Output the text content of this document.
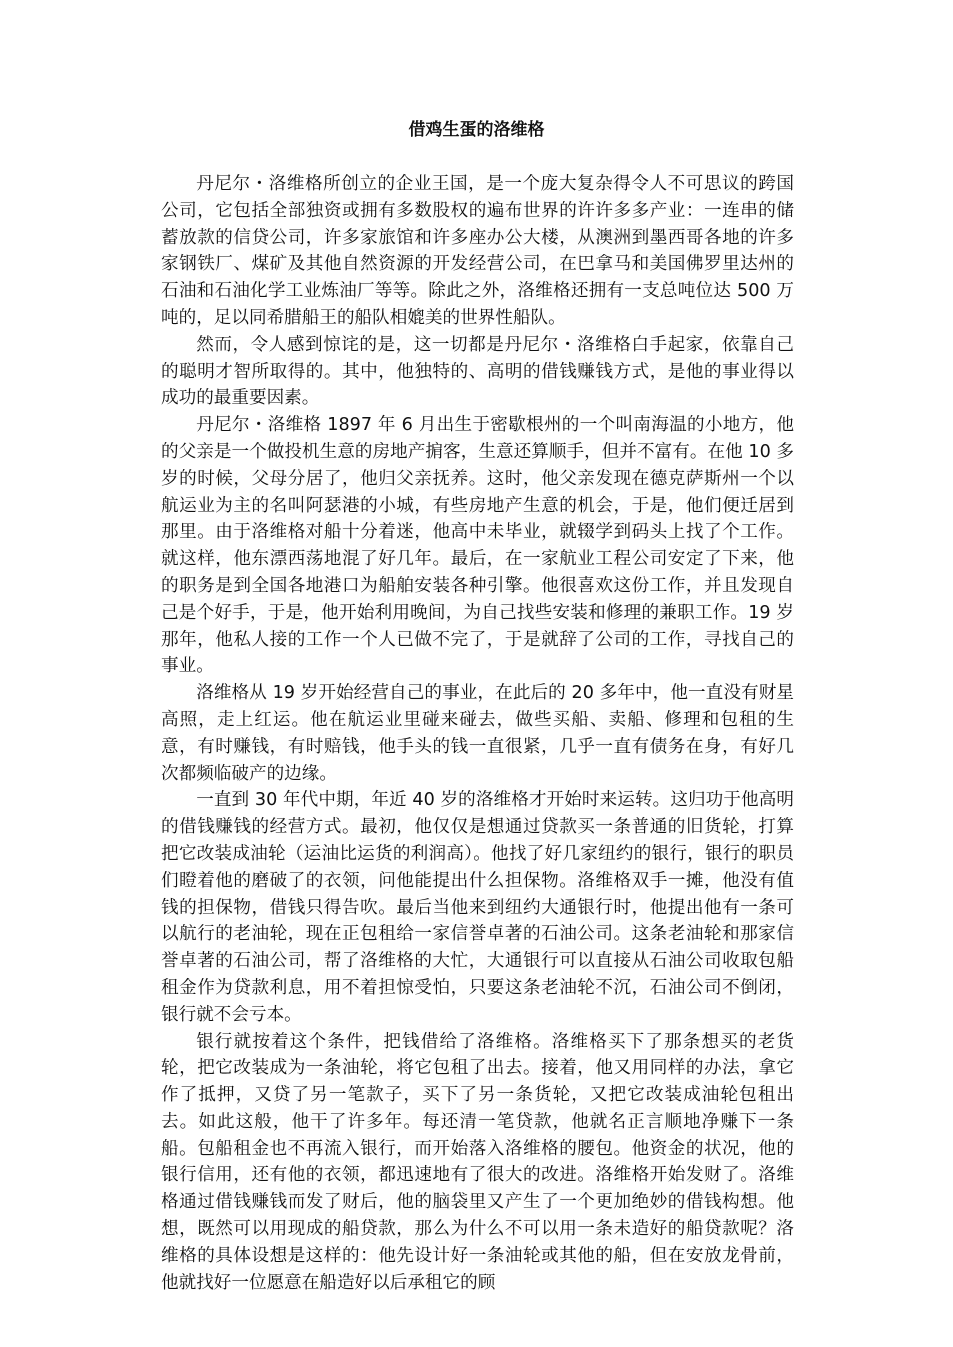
借鸡生蛋的洛维格

丹尼尔・洛维格所创立的企业王国，是一个庞大复杂得令人不可思议的跨国公司，它包括全部独资或拥有多数股权的遍布世界的许许多多产业：一连串的储蓄放款的信贷公司，许多家旅馆和许多座办公大楼，从澳洲到墨西哥各地的许多家钢铁厂、煤矿及其他自然资源的开发经营公司，在巴拿马和美国佛罗里达州的石油和石油化学工业炼油厂等等。除此之外，洛维格还拥有一支总吨位达 500 万吨的，足以同希腊船王的船队相媲美的世界性船队。

然而，令人感到惊诧的是，这一切都是丹尼尔・洛维格白手起家，依靠自己的聪明才智所取得的。其中，他独特的、高明的借钱赚钱方式，是他的事业得以成功的最重要因素。

丹尼尔・洛维格 1897 年 6 月出生于密歇根州的一个叫南海温的小地方，他的父亲是一个做投机生意的房地产掮客，生意还算顺手，但并不富有。在他 10 多岁的时候，父母分居了，他归父亲抚养。这时，他父亲发现在德克萨斯州一个以航运业为主的名叫阿瑟港的小城，有些房地产生意的机会，于是，他们便迁居到那里。由于洛维格对船十分着迷，他高中未毕业，就辍学到码头上找了个工作。就这样，他东漂西荡地混了好几年。最后，在一家航业工程公司安定了下来，他的职务是到全国各地港口为船舶安装各种引擎。他很喜欢这份工作，并且发现自己是个好手，于是，他开始利用晚间，为自己找些安装和修理的兼职工作。19 岁那年，他私人接的工作一个人已做不完了，于是就辞了公司的工作，寻找自己的事业。

洛维格从 19 岁开始经营自己的事业，在此后的 20 多年中，他一直没有财星高照，走上红运。他在航运业里碰来碰去，做些买船、卖船、修理和包租的生意，有时赚钱，有时赔钱，他手头的钱一直很紧，几乎一直有债务在身，有好几次都频临破产的边缘。

一直到 30 年代中期，年近 40 岁的洛维格才开始时来运转。这归功于他高明的借钱赚钱的经营方式。最初，他仅仅是想通过贷款买一条普通的旧货轮，打算把它改装成油轮（运油比运货的利润高）。他找了好几家纽约的银行，银行的职员们瞪着他的磨破了的衣领，问他能提出什么担保物。洛维格双手一摊，他没有值钱的担保物，借钱只得告吹。最后当他来到纽约大通银行时，他提出他有一条可以航行的老油轮，现在正包租给一家信誉卓著的石油公司。这条老油轮和那家信誉卓著的石油公司，帮了洛维格的大忙，大通银行可以直接从石油公司收取包船租金作为贷款利息，用不着担惊受怕，只要这条老油轮不沉，石油公司不倒闭，银行就不会亏本。

银行就按着这个条件，把钱借给了洛维格。洛维格买下了那条想买的老货轮，把它改装成为一条油轮，将它包租了出去。接着，他又用同样的办法，拿它作了抵押，又贷了另一笔款子，买下了另一条货轮，又把它改装成油轮包租出去。如此这般，他干了许多年。每还清一笔贷款，他就名正言顺地净赚下一条船。包船租金也不再流入银行，而开始落入洛维格的腰包。他资金的状况，他的银行信用，还有他的衣领，都迅速地有了很大的改进。洛维格开始发财了。洛维格通过借钱赚钱而发了财后，他的脑袋里又产生了一个更加绝妙的借钱构想。他想，既然可以用现成的船贷款，那么为什么不可以用一条未造好的船贷款呢？洛维格的具体设想是这样的：他先设计好一条油轮或其他的船，但在安放龙骨前，他就找好一位愿意在船造好以后承租它的顾
